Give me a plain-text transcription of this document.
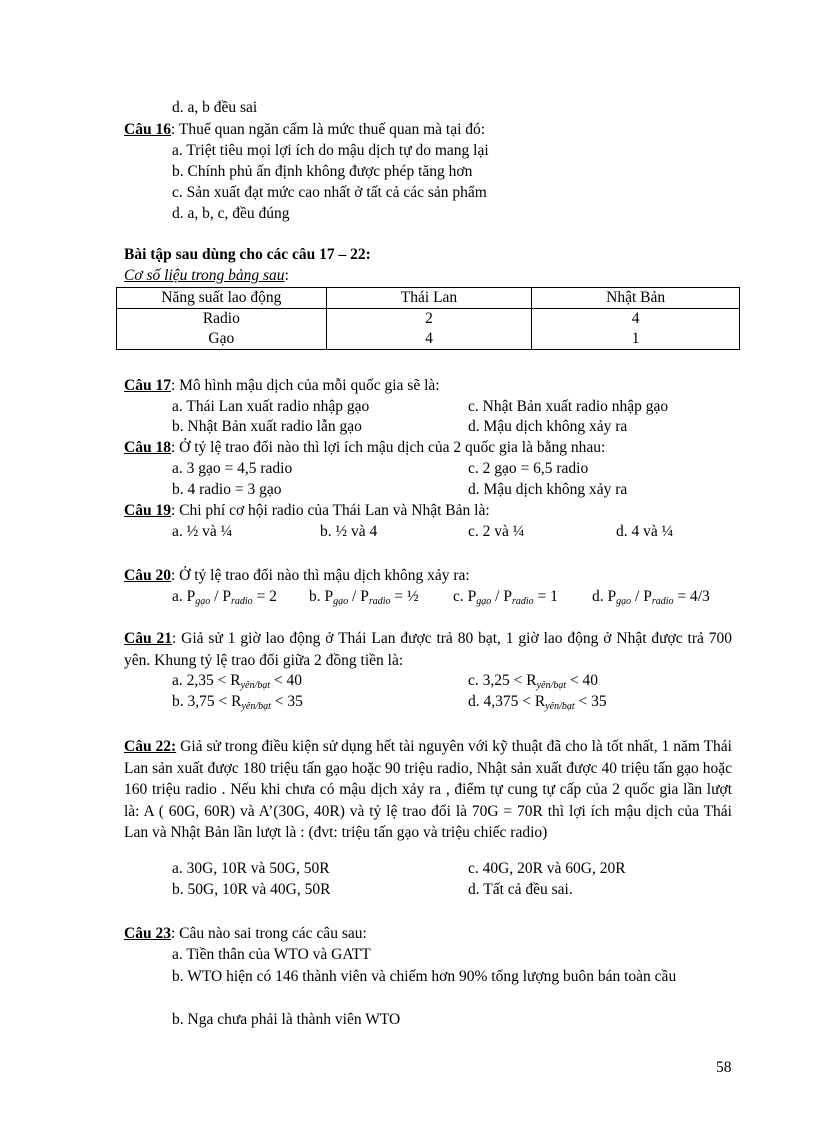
d. a, b đều sai
Câu 16: Thuế quan ngăn cấm là mức thuế quan mà tại đó:
a. Triệt tiêu mọi lợi ích do mậu dịch tự do mang lại
b. Chính phủ ấn định không được phép tăng hơn
c. Sản xuất đạt mức cao nhất ở tất cả các sản phẩm
d. a, b, c, đều đúng
Bài tập sau dùng cho các câu 17 – 22:
Cơ số liệu trong bảng sau:
Năng suất lao động	Thái Lan	Nhật Bản
Radio	2	4
Gạo	4	1
Câu 17: Mô hình mậu dịch của mỗi quốc gia sẽ là:
a. Thái Lan xuất radio nhập gạo	c. Nhật Bản xuất radio nhập gạo
b. Nhật Bản xuất radio lẫn gạo	d. Mậu dịch không xảy ra
Câu 18: Ở tỷ lệ trao đổi nào thì lợi ích mậu dịch của 2 quốc gia là bằng nhau:
a. 3 gạo = 4,5 radio	c. 2 gạo = 6,5 radio
b. 4 radio = 3 gạo	d. Mậu dịch không xảy ra
Câu 19: Chi phí cơ hội radio của Thái Lan và Nhật Bản là:
a. ½ và ¼	b. ½ và 4	c. 2 và ¼	d. 4 và ¼
Câu 20: Ở tỷ lệ trao đổi nào thì mậu dịch không xảy ra:
a. $P_{gạo} / P_{radio} = 2$ b. $P_{gạo} / P_{radio}$ = ½ c. $P_{gạo} / P_{radio} = 1$ d. $P_{gạo} / P_{radio} = 4/3$
Câu 21: Giả sử 1 giờ lao động ở Thái Lan được trả 80 bạt, 1 giờ lao động ở Nhật được trả 700 yên. Khung tỷ lệ trao đổi giữa 2 đồng tiền là:
a. $2,35 < R_{yên/bạt} < 40$	c. $3,25 < R_{yên/bạt} < 40$
b. $3,75 < R_{yên/bạt} < 35$	d. $4,375 < R_{yên/bạt} < 35$
Câu 22: Giả sử trong điều kiện sử dụng hết tài nguyên với kỹ thuật đã cho là tốt nhất, 1 năm Thái Lan sản xuất được 180 triệu tấn gạo hoặc 90 triệu radio, Nhật sản xuất được 40 triệu tấn gạo hoặc 160 triệu radio . Nếu khi chưa có mậu dịch xảy ra , điểm tự cung tự cấp của 2 quốc gia lần lượt là: A ( 60G, 60R) và A’(30G, 40R) và tỷ lệ trao đổi là 70G = 70R thì lợi ích mậu dịch của Thái Lan và Nhật Bản lần lượt là : (đvt: triệu tấn gạo và triệu chiếc radio)
a. 30G, 10R và 50G, 50R	c. 40G, 20R và 60G, 20R
b. 50G, 10R và 40G, 50R	d. Tất cả đều sai.
Câu 23: Câu nào sai trong các câu sau:
a. Tiền thân của WTO và GATT
b. WTO hiện có 146 thành viên và chiếm hơn 90% tổng lượng buôn bán toàn cầu
b. Nga chưa phải là thành viên WTO
58
